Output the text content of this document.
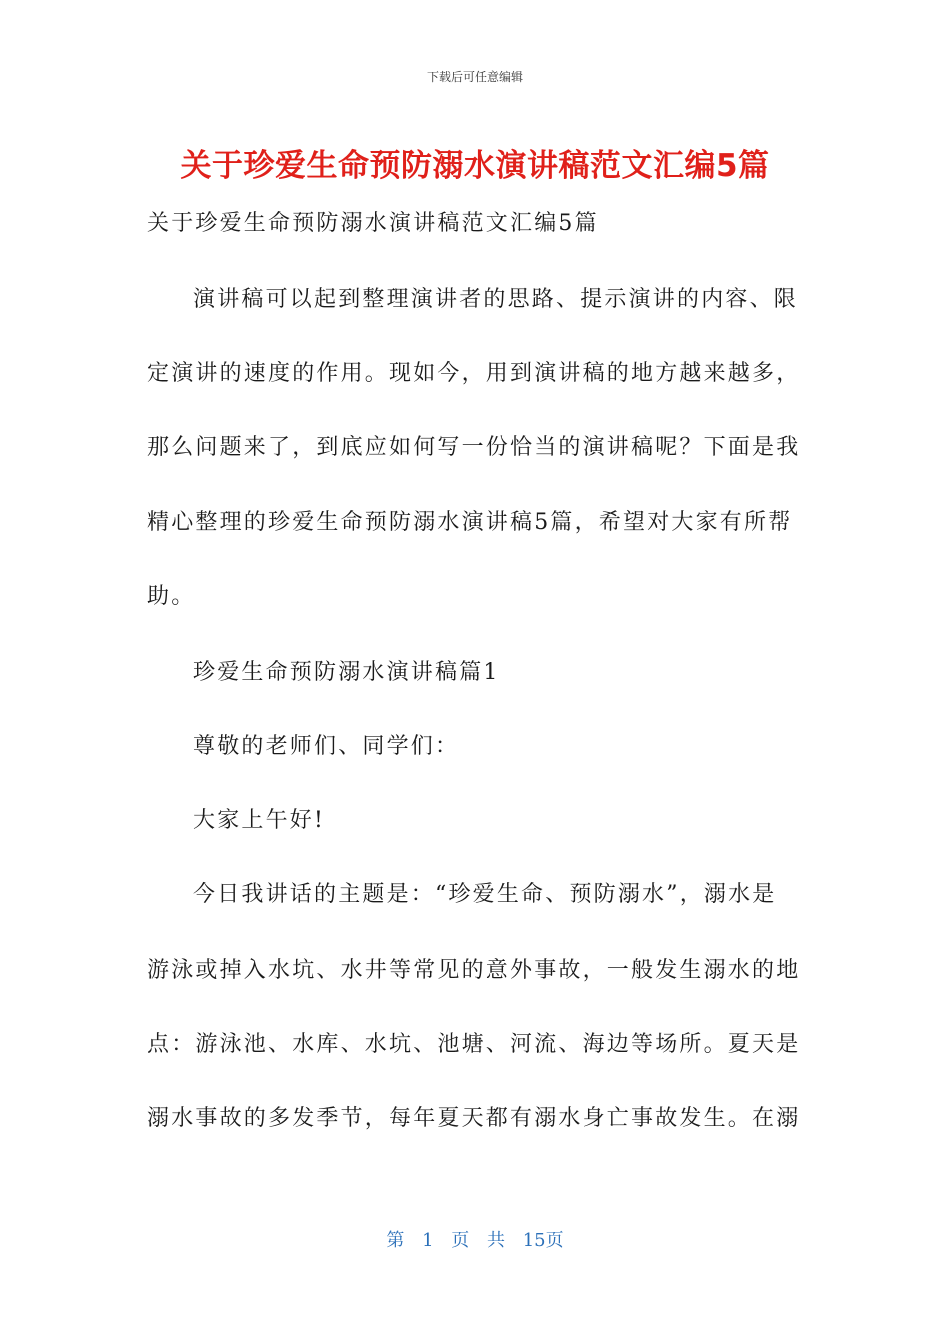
下载后可任意编辑
关于珍爱生命预防溺水演讲稿范文汇编5篇
关于珍爱生命预防溺水演讲稿范文汇编5篇
演讲稿可以起到整理演讲者的思路、提示演讲的内容、限
定演讲的速度的作用。现如今，用到演讲稿的地方越来越多，
那么问题来了，到底应如何写一份恰当的演讲稿呢？下面是我
精心整理的珍爱生命预防溺水演讲稿5篇，希望对大家有所帮
助。
珍爱生命预防溺水演讲稿篇1
尊敬的老师们、同学们：
大家上午好!
今日我讲话的主题是：“珍爱生命、预防溺水”，溺水是
游泳或掉入水坑、水井等常见的意外事故，一般发生溺水的地
点：游泳池、水库、水坑、池塘、河流、海边等场所。夏天是
溺水事故的多发季节，每年夏天都有溺水身亡事故发生。在溺
第 1 页 共 15页
